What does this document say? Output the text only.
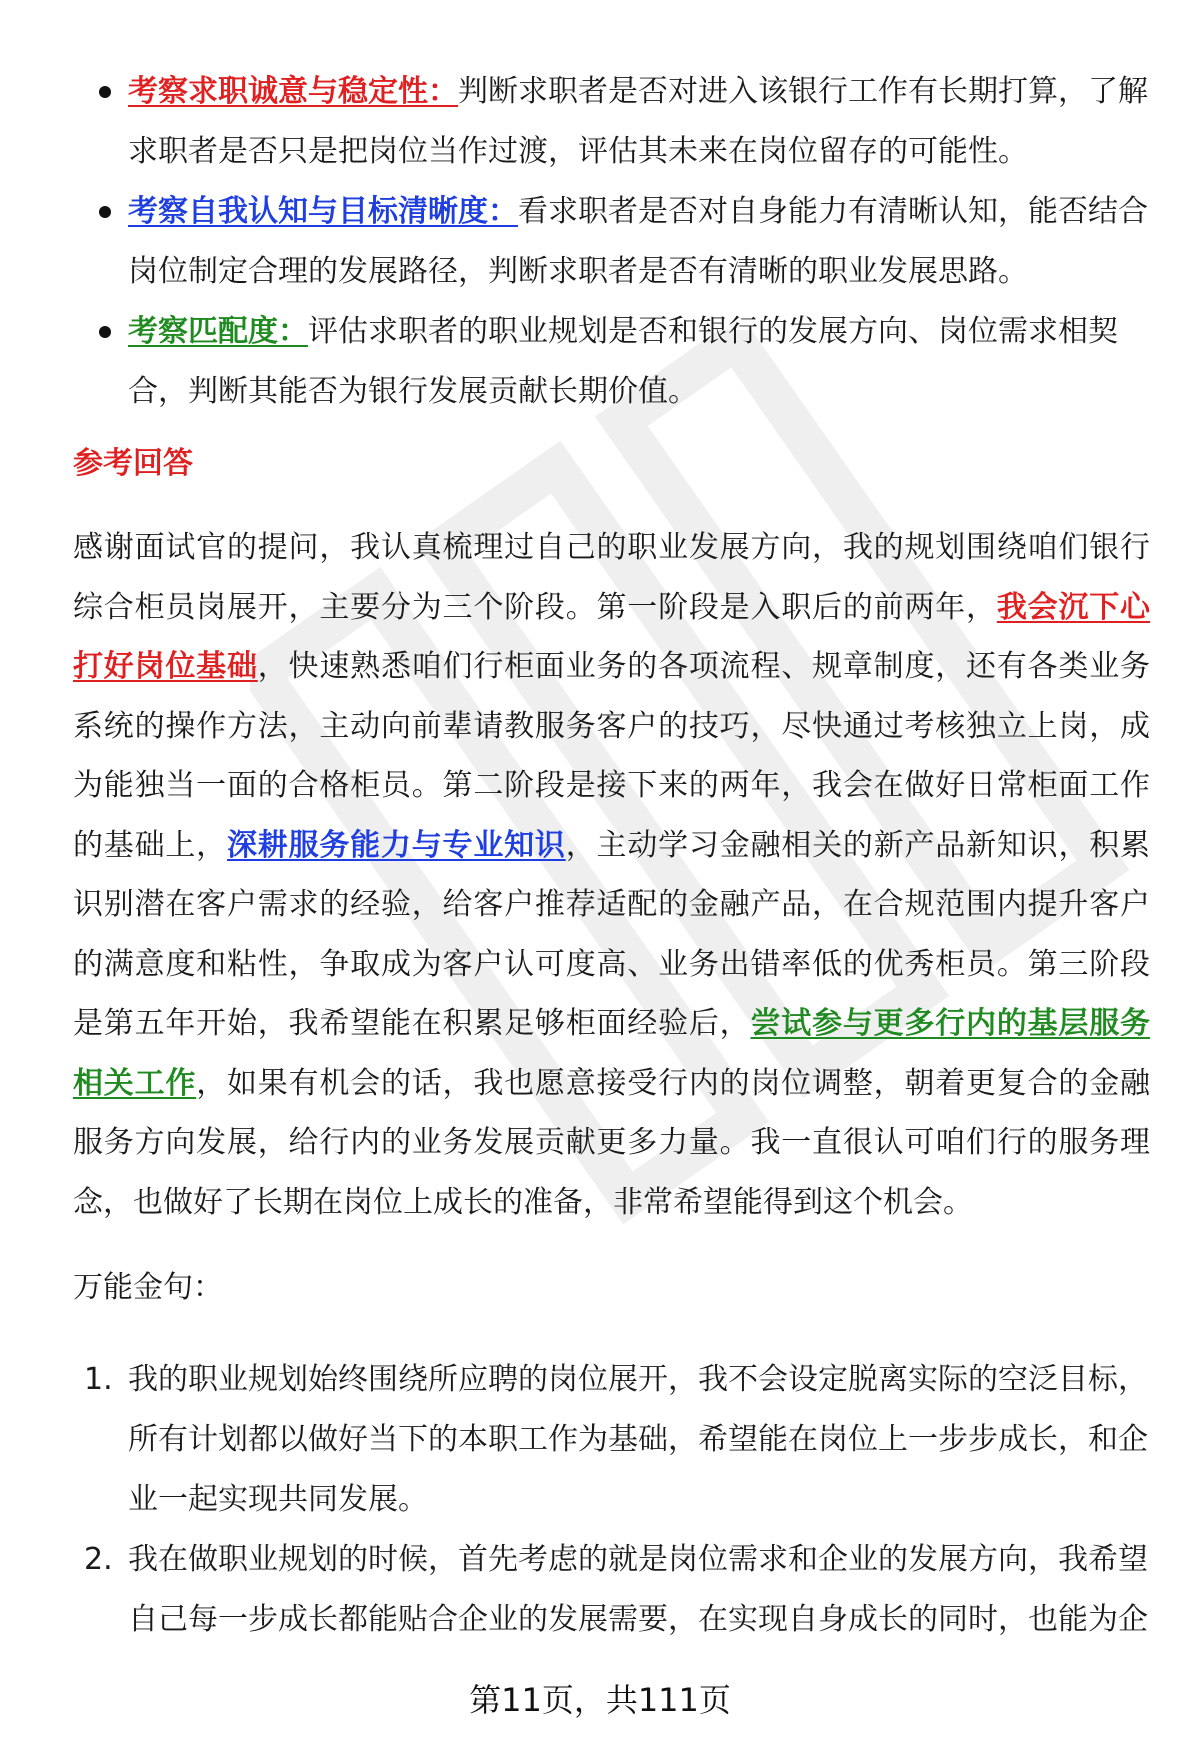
考察求职诚意与稳定性：判断求职者是否对进入该银行工作有长期打算，了解求职者是否只是把岗位当作过渡，评估其未来在岗位留存的可能性。
考察自我认知与目标清晰度：看求职者是否对自身能力有清晰认知，能否结合岗位制定合理的发展路径，判断求职者是否有清晰的职业发展思路。
考察匹配度：评估求职者的职业规划是否和银行的发展方向、岗位需求相契合，判断其能否为银行发展贡献长期价值。
参考回答

感谢面试官的提问，我认真梳理过自己的职业发展方向，我的规划围绕咱们银行综合柜员岗展开，主要分为三个阶段。第一阶段是入职后的前两年，我会沉下心打好岗位基础，快速熟悉咱们行柜面业务的各项流程、规章制度，还有各类业务系统的操作方法，主动向前辈请教服务客户的技巧，尽快通过考核独立上岗，成为能独当一面的合格柜员。第二阶段是接下来的两年，我会在做好日常柜面工作的基础上，深耕服务能力与专业知识，主动学习金融相关的新产品新知识，积累识别潜在客户需求的经验，给客户推荐适配的金融产品，在合规范围内提升客户的满意度和粘性，争取成为客户认可度高、业务出错率低的优秀柜员。第三阶段是第五年开始，我希望能在积累足够柜面经验后，尝试参与更多行内的基层服务相关工作，如果有机会的话，我也愿意接受行内的岗位调整，朝着更复合的金融服务方向发展，给行内的业务发展贡献更多力量。我一直很认可咱们行的服务理念，也做好了长期在岗位上成长的准备，非常希望能得到这个机会。

万能金句：

1. 我的职业规划始终围绕所应聘的岗位展开，我不会设定脱离实际的空泛目标，所有计划都以做好当下的本职工作为基础，希望能在岗位上一步步成长，和企业一起实现共同发展。
2. 我在做职业规划的时候，首先考虑的就是岗位需求和企业的发展方向，我希望自己每一步成长都能贴合企业的发展需要，在实现自身成长的同时，也能为企
第11页，共111页
